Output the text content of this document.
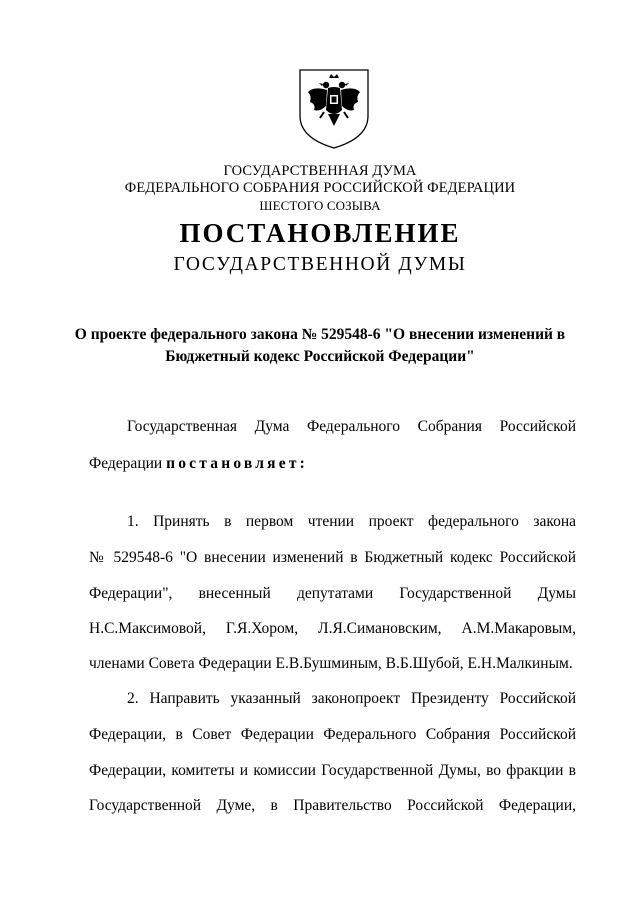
ГОСУДАРСТВЕННАЯ ДУМА
ФЕДЕРАЛЬНОГО СОБРАНИЯ РОССИЙСКОЙ ФЕДЕРАЦИИ
ШЕСТОГО СОЗЫВА
ПОСТАНОВЛЕНИЕ
ГОСУДАРСТВЕННОЙ ДУМЫ
О проекте федерального закона № 529548-6 "О внесении изменений в
Бюджетный кодекс Российской Федерации"
Государственная Дума Федерального Собрания Российской
Федерации постановляет:
1. Принять в первом чтении проект федерального закона
№ 529548-6 "О внесении изменений в Бюджетный кодекс Российской
Федерации", внесенный депутатами Государственной Думы
Н.С.Максимовой, Г.Я.Хором, Л.Я.Симановским, А.М.Макаровым,
членами Совета Федерации Е.В.Бушминым, В.Б.Шубой, Е.Н.Малкиным.
2. Направить указанный законопроект Президенту Российской
Федерации, в Совет Федерации Федерального Собрания Российской
Федерации, комитеты и комиссии Государственной Думы, во фракции в
Государственной Думе, в Правительство Российской Федерации,
